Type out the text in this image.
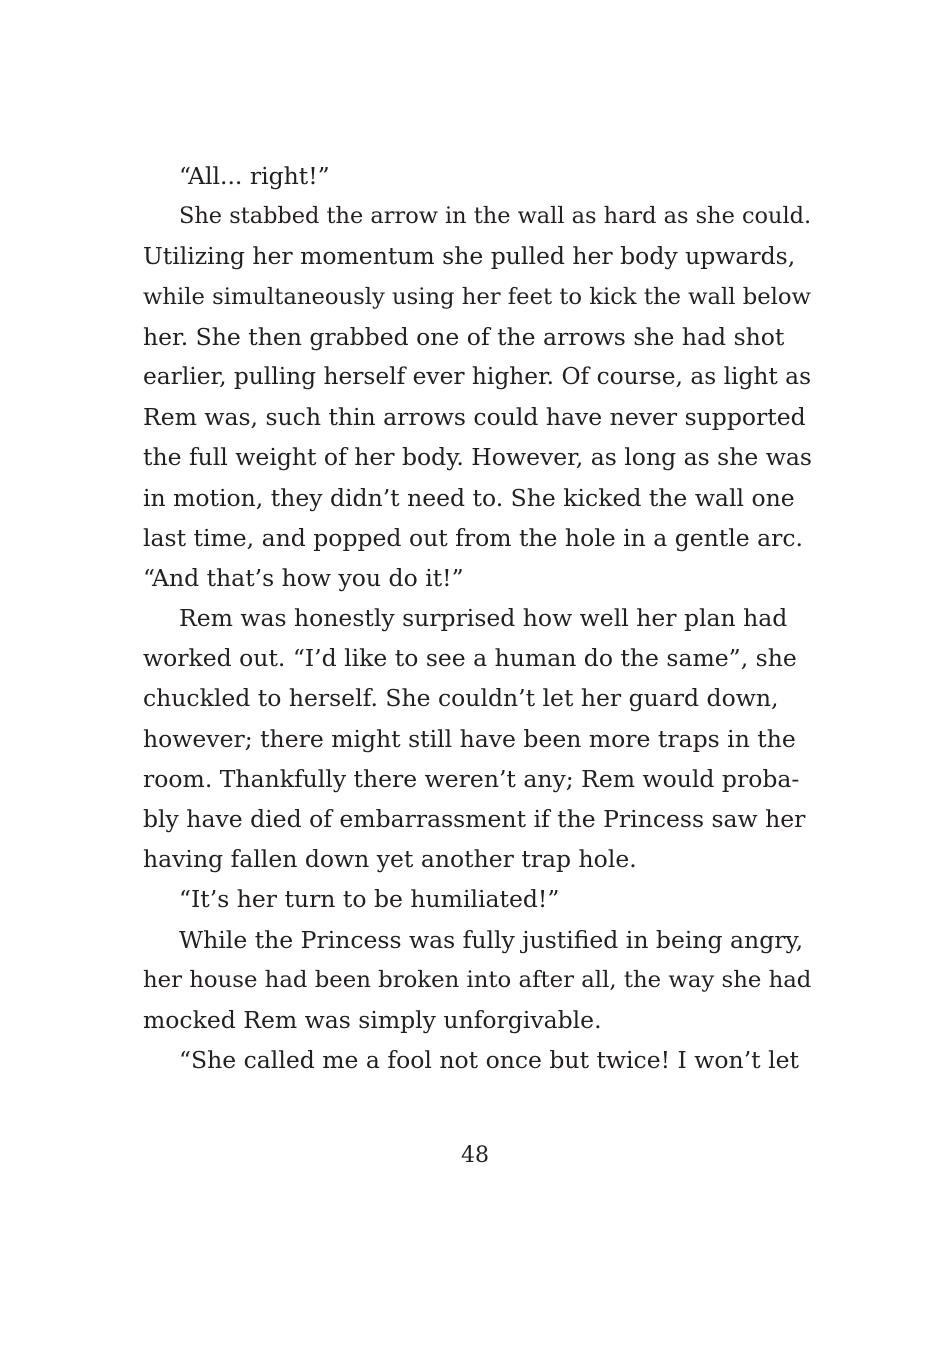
“All... right!”
She stabbed the arrow in the wall as hard as she could.
Utilizing her momentum she pulled her body upwards,
while simultaneously using her feet to kick the wall below
her. She then grabbed one of the arrows she had shot
earlier, pulling herself ever higher. Of course, as light as
Rem was, such thin arrows could have never supported
the full weight of her body. However, as long as she was
in motion, they didn’t need to. She kicked the wall one
last time, and popped out from the hole in a gentle arc.
“And that’s how you do it!”
Rem was honestly surprised how well her plan had
worked out. “I’d like to see a human do the same”, she
chuckled to herself. She couldn’t let her guard down,
however; there might still have been more traps in the
room. Thankfully there weren’t any; Rem would proba-
bly have died of embarrassment if the Princess saw her
having fallen down yet another trap hole.
“It’s her turn to be humiliated!”
While the Princess was fully justified in being angry,
her house had been broken into after all, the way she had
mocked Rem was simply unforgivable.
“She called me a fool not once but twice! I won’t let
48
